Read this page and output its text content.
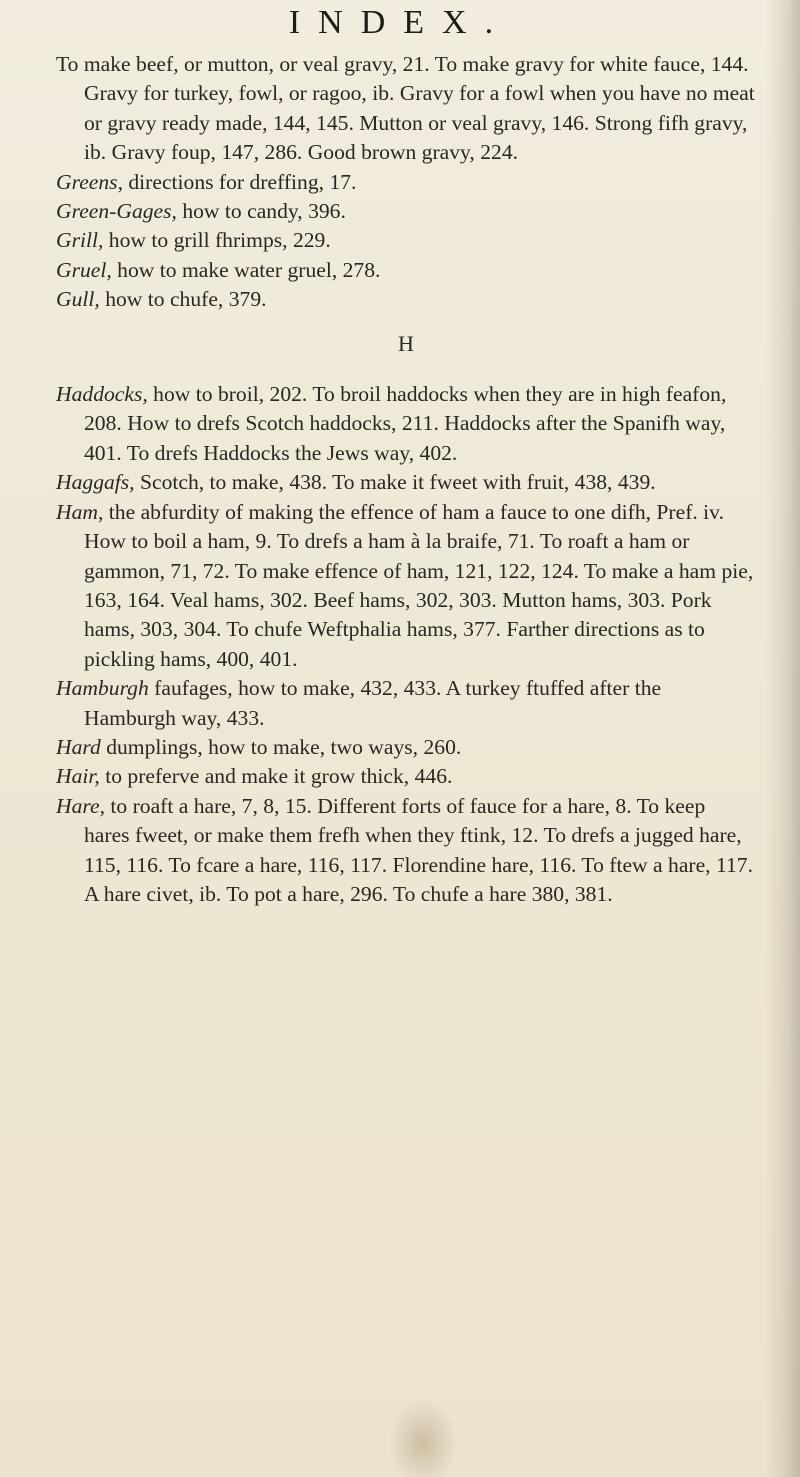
INDEX.

To make beef, or mutton, or veal gravy, 21. To make gravy for white fauce, 144. Gravy for turkey, fowl, or ragoo, ib. Gravy for a fowl when you have no meat or gravy ready made, 144, 145. Mutton or veal gravy, 146. Strong fifh gravy, ib. Gravy foup, 147, 286. Good brown gravy, 224.

Greens, directions for dreffing, 17.

Green-Gages, how to candy, 396.

Grill, how to grill fhrimps, 229.

Gruel, how to make water gruel, 278.

Gull, how to chufe, 379.

H

Haddocks, how to broil, 202. To broil haddocks when they are in high feafon, 208. How to drefs Scotch haddocks, 211. Haddocks after the Spanifh way, 401. To drefs Haddocks the Jews way, 402.

Haggafs, Scotch, to make, 438. To make it fweet with fruit, 438, 439.

Ham, the abfurdity of making the effence of ham a fauce to one difh, Pref. iv. How to boil a ham, 9. To drefs a ham à la braife, 71. To roaft a ham or gammon, 71, 72. To make effence of ham, 121, 122, 124. To make a ham pie, 163, 164. Veal hams, 302. Beef hams, 302, 303. Mutton hams, 303. Pork hams, 303, 304. To chufe Weftphalia hams, 377. Farther directions as to pickling hams, 400, 401.

Hamburgh faufages, how to make, 432, 433. A turkey ftuffed after the Hamburgh way, 433.

Hard dumplings, how to make, two ways, 260.

Hair, to preferve and make it grow thick, 446.

Hare, to roaft a hare, 7, 8, 15. Different forts of fauce for a hare, 8. To keep hares fweet, or make them frefh when they ftink, 12. To drefs a jugged hare, 115, 116. To fcare a hare, 116, 117. Florendine hare, 116. To ftew a hare, 117. A hare civet, ib. To pot a hare, 296. To chufe a hare 380, 381.
